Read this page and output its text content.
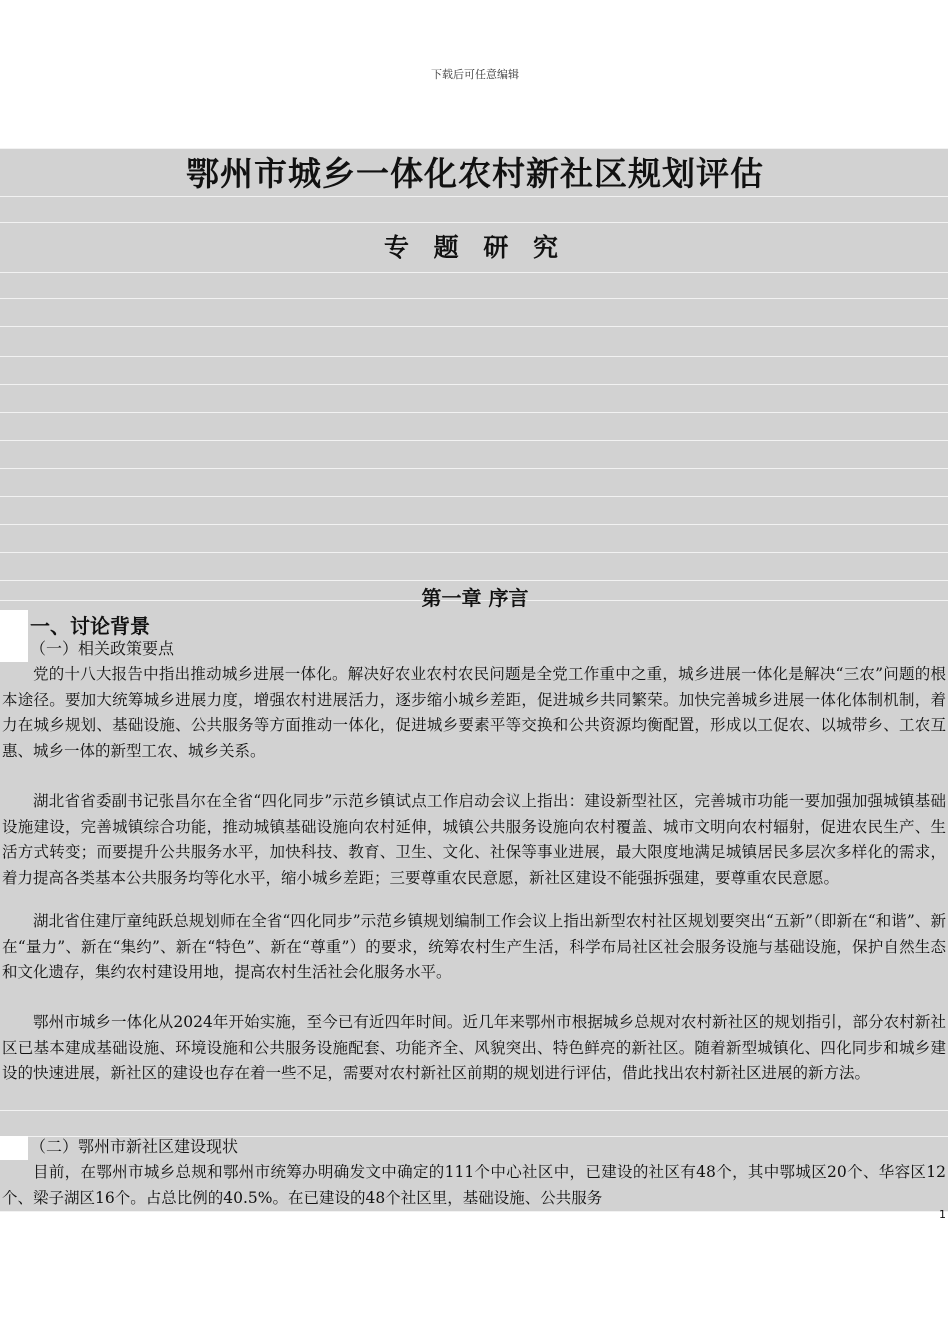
下载后可任意编辑
鄂州市城乡一体化农村新社区规划评估
专 题 研 究
第一章 序言
一、讨论背景
（一）相关政策要点

党的十八大报告中指出推动城乡进展一体化。解决好农业农村农民问题是全党工作重中之重，城乡进展一体化是解决“三农”问题的根本途径。要加大统筹城乡进展力度，增强农村进展活力，逐步缩小城乡差距，促进城乡共同繁荣。加快完善城乡进展一体化体制机制，着力在城乡规划、基础设施、公共服务等方面推动一体化，促进城乡要素平等交换和公共资源均衡配置，形成以工促农、以城带乡、工农互惠、城乡一体的新型工农、城乡关系。

湖北省省委副书记张昌尔在全省“四化同步”示范乡镇试点工作启动会议上指出：建设新型社区，完善城市功能一要加强加强城镇基础设施建设，完善城镇综合功能，推动城镇基础设施向农村延伸，城镇公共服务设施向农村覆盖、城市文明向农村辐射，促进农民生产、生活方式转变；而要提升公共服务水平，加快科技、教育、卫生、文化、社保等事业进展，最大限度地满足城镇居民多层次多样化的需求，着力提高各类基本公共服务均等化水平，缩小城乡差距；三要尊重农民意愿，新社区建设不能强拆强建，要尊重农民意愿。

湖北省住建厅童纯跃总规划师在全省“四化同步”示范乡镇规划编制工作会议上指出新型农村社区规划要突出“五新”（即新在“和谐”、新在“量力”、新在“集约”、新在“特色”、新在“尊重”）的要求，统筹农村生产生活，科学布局社区社会服务设施与基础设施，保护自然生态和文化遗存，集约农村建设用地，提高农村生活社会化服务水平。

鄂州市城乡一体化从2024年开始实施，至今已有近四年时间。近几年来鄂州市根据城乡总规对农村新社区的规划指引，部分农村新社区已基本建成基础设施、环境设施和公共服务设施配套、功能齐全、风貌突出、特色鲜亮的新社区。随着新型城镇化、四化同步和城乡建设的快速进展，新社区的建设也存在着一些不足，需要对农村新社区前期的规划进行评估，借此找出农村新社区进展的新方法。

（二）鄂州市新社区建设现状

目前，在鄂州市城乡总规和鄂州市统筹办明确发文中确定的111个中心社区中，已建设的社区有48个，其中鄂城区20个、华容区12个、梁子湖区16个。占总比例的40.5%。在已建设的48个社区里，基础设施、公共服务

1
